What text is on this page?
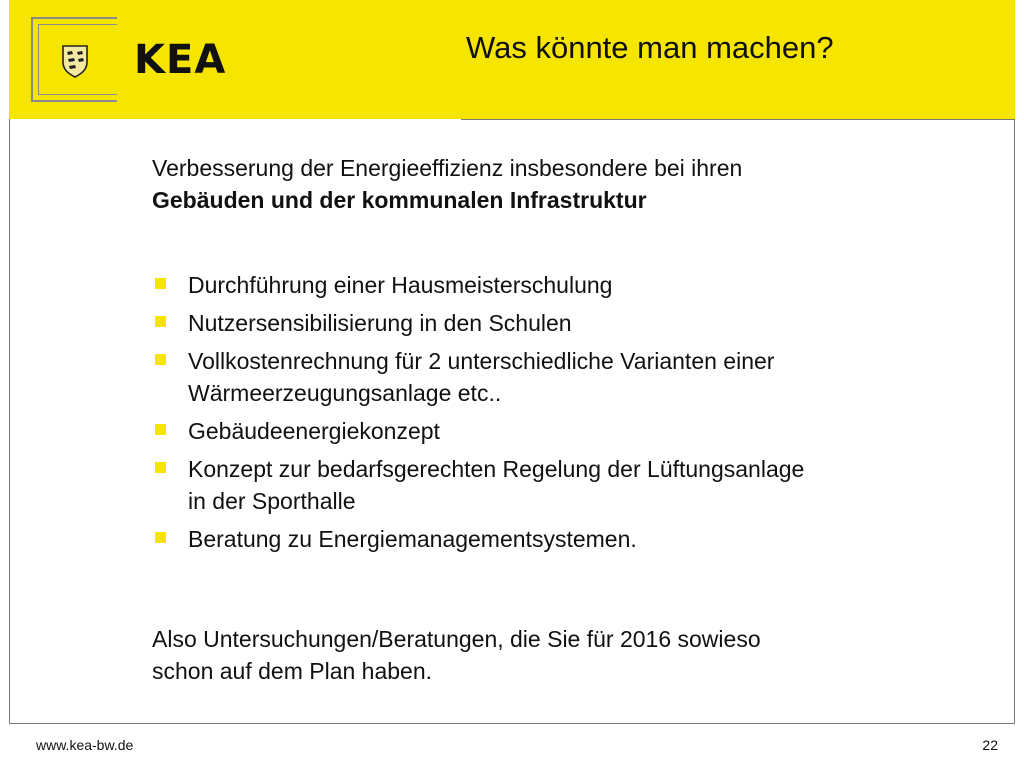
KEA	Was könnte man machen?
Verbesserung der Energieeffizienz insbesondere bei ihren
Gebäuden und der kommunalen Infrastruktur
Durchführung einer Hausmeisterschulung
Nutzersensibilisierung in den Schulen
Vollkostenrechnung für 2 unterschiedliche Varianten einer
Wärmeerzeugungsanlage etc..
Gebäudeenergiekonzept
Konzept zur bedarfsgerechten Regelung der Lüftungsanlage
in der Sporthalle
Beratung zu Energiemanagementsystemen.
Also Untersuchungen/Beratungen, die Sie für 2016 sowieso
schon auf dem Plan haben.
www.kea-bw.de	22
